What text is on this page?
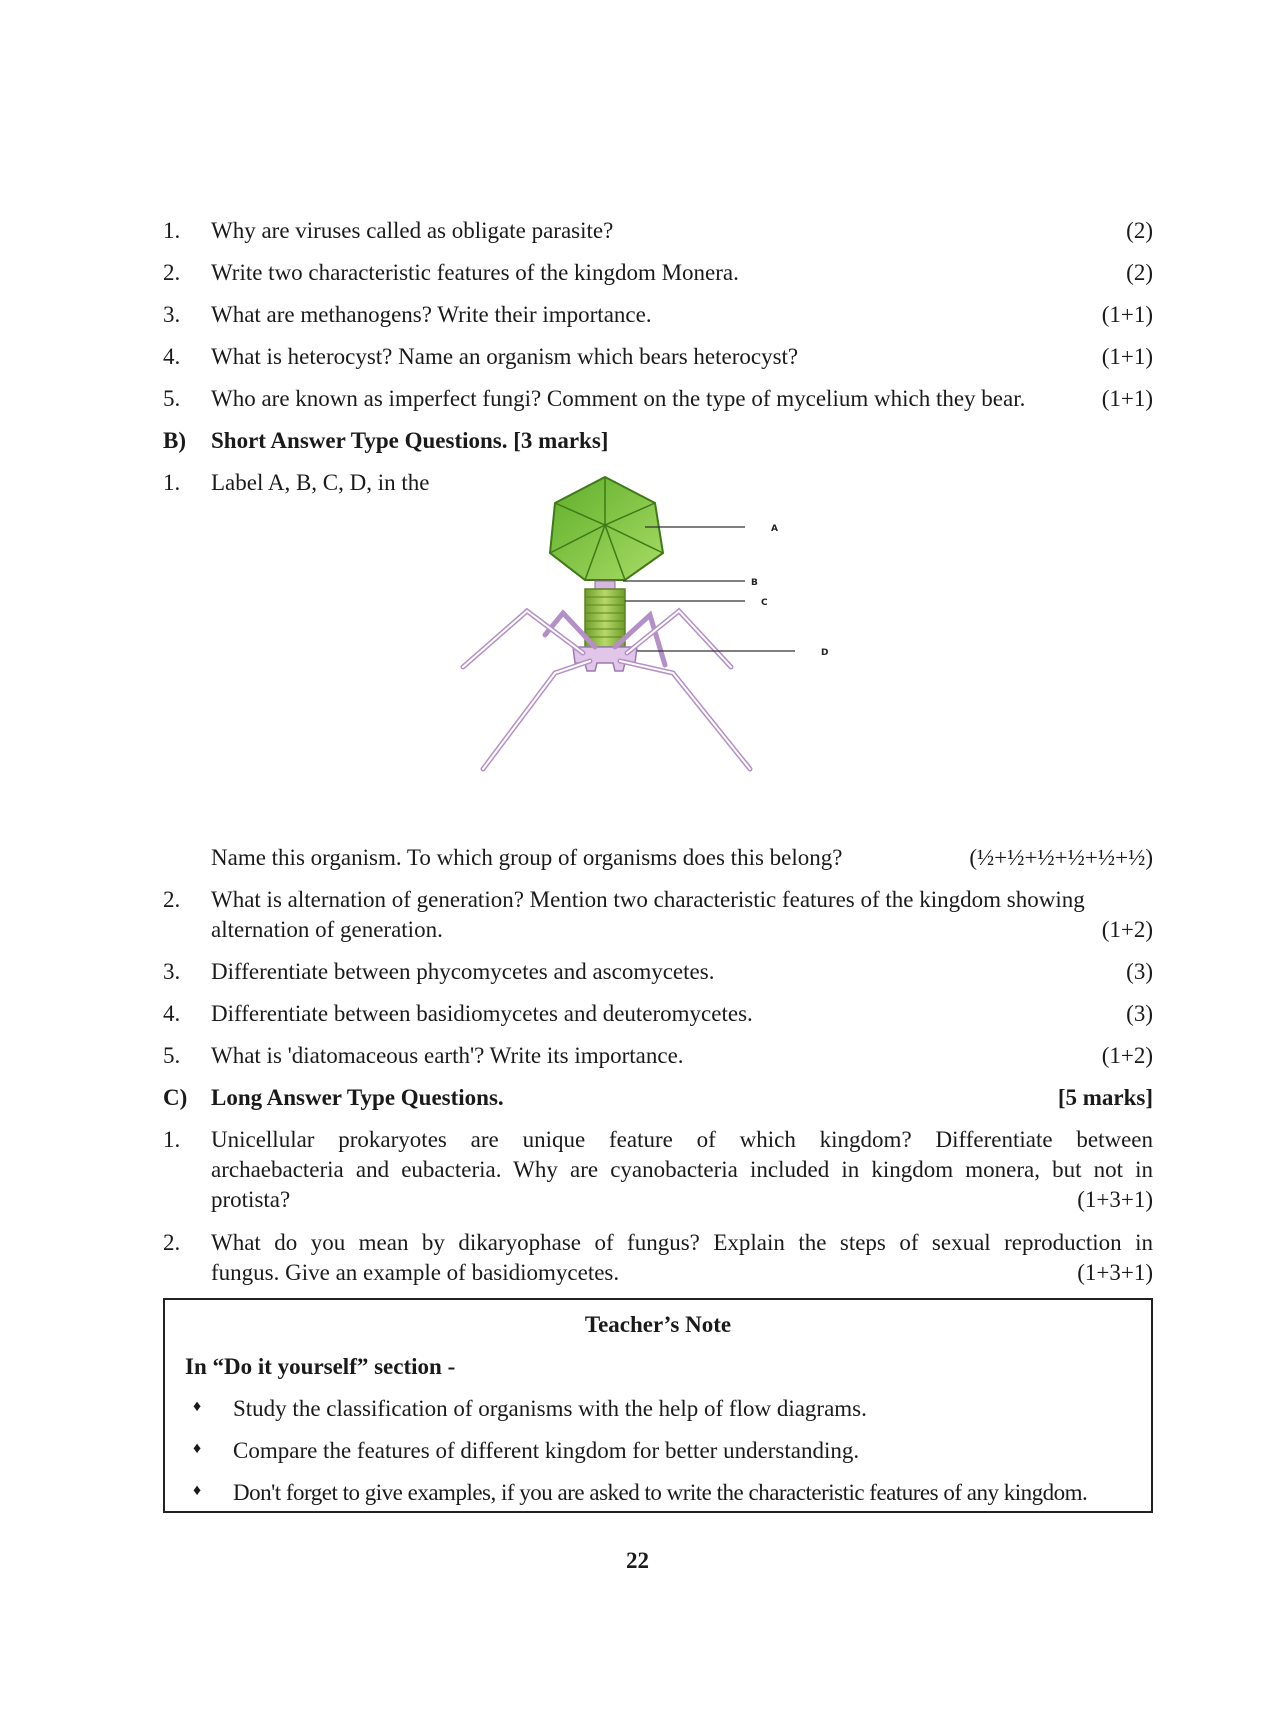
1.	Why are viruses called as obligate parasite?	(2)
2.	Write two characteristic features of the kingdom Monera.	(2)
3.	What are methanogens? Write their importance.	(1+1)
4.	What is heterocyst? Name an organism which bears heterocyst?	(1+1)
5.	Who are known as imperfect fungi? Comment on the type of mycelium which they bear.	(1+1)
B)	Short Answer Type Questions. [3 marks]
1.	Label A, B, C, D, in the
A
B
C
D
Name this organism. To which group of organisms does this belong?	(½+½+½+½+½+½)
2.	What is alternation of generation? Mention two characteristic features of the kingdom showing
alternation of generation.	(1+2)
3.	Differentiate between phycomycetes and ascomycetes.	(3)
4.	Differentiate between basidiomycetes and deuteromycetes.	(3)
5.	What is 'diatomaceous earth'? Write its importance.	(1+2)
C)	Long Answer Type Questions.	[5 marks]
1.	Unicellular prokaryotes are unique feature of which kingdom? Differentiate between
archaebacteria and eubacteria. Why are cyanobacteria included in kingdom monera, but not in
protista?	(1+3+1)
2.	What do you mean by dikaryophase of fungus? Explain the steps of sexual reproduction in
fungus. Give an example of basidiomycetes.	(1+3+1)
Teacher’s Note
In “Do it yourself” section -
♦ Study the classification of organisms with the help of flow diagrams.
♦ Compare the features of different kingdom for better understanding.
♦ Don't forget to give examples, if you are asked to write the characteristic features of any kingdom.
22
